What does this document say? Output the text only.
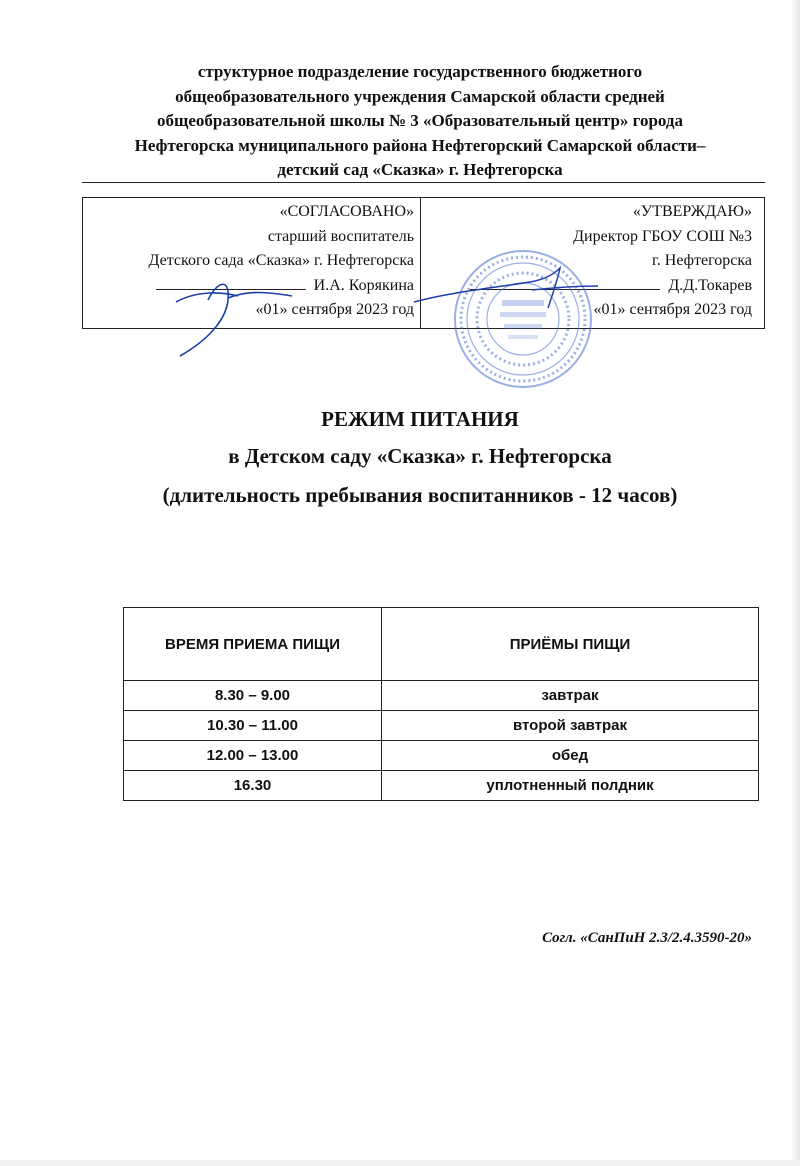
структурное подразделение государственного бюджетного
общеобразовательного учреждения Самарской области средней
общеобразовательной школы № 3 «Образовательный центр» города
Нефтегорска муниципального района Нефтегорский Самарской области–
детский сад «Сказка» г. Нефтегорска
«СОГЛАСОВАНО»
старший воспитатель
Детского сада «Сказка» г. Нефтегорска
И.А. Корякина
«01» сентября 2023 год
«УТВЕРЖДАЮ»
Директор ГБОУ СОШ №3
г. Нефтегорска
Д.Д.Токарев
«01» сентября 2023 год
РЕЖИМ ПИТАНИЯ
в Детском саду «Сказка» г. Нефтегорска
(длительность пребывания воспитанников - 12 часов)
ВРЕМЯ ПРИЕМА ПИЩИ	ПРИЁМЫ ПИЩИ
8.30 – 9.00	завтрак
10.30 – 11.00	второй завтрак
12.00 – 13.00	обед
16.30	уплотненный полдник
Согл. «СанПиН 2.3/2.4.3590-20»
